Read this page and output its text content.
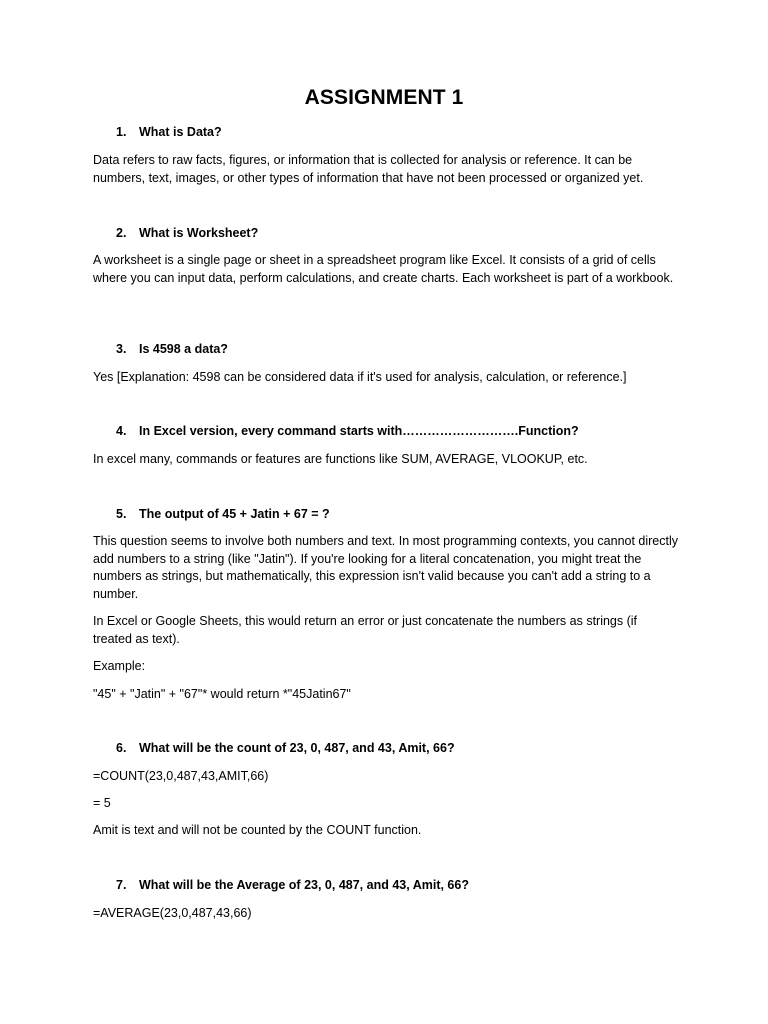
ASSIGNMENT 1
1. What is Data?
Data refers to raw facts, figures, or information that is collected for analysis or reference. It can be numbers, text, images, or other types of information that have not been processed or organized yet.
2. What is Worksheet?
A worksheet is a single page or sheet in a spreadsheet program like Excel. It consists of a grid of cells where you can input data, perform calculations, and create charts. Each worksheet is part of a workbook.
3. Is 4598 a data?
Yes [Explanation: 4598 can be considered data if it's used for analysis, calculation, or reference.]
4. In Excel version, every command starts with……………………….Function?
In excel many, commands or features are functions like SUM, AVERAGE, VLOOKUP, etc.
5. The output of 45 + Jatin + 67 = ?
This question seems to involve both numbers and text. In most programming contexts, you cannot directly add numbers to a string (like "Jatin"). If you're looking for a literal concatenation, you might treat the numbers as strings, but mathematically, this expression isn't valid because you can't add a string to a number.
In Excel or Google Sheets, this would return an error or just concatenate the numbers as strings (if treated as text).
Example:
"45" + "Jatin" + "67"* would return *"45Jatin67"
6. What will be the count of 23, 0, 487, and 43, Amit, 66?
=COUNT(23,0,487,43,AMIT,66)
= 5
Amit is text and will not be counted by the COUNT function.
7. What will be the Average of 23, 0, 487, and 43, Amit, 66?
=AVERAGE(23,0,487,43,66)
